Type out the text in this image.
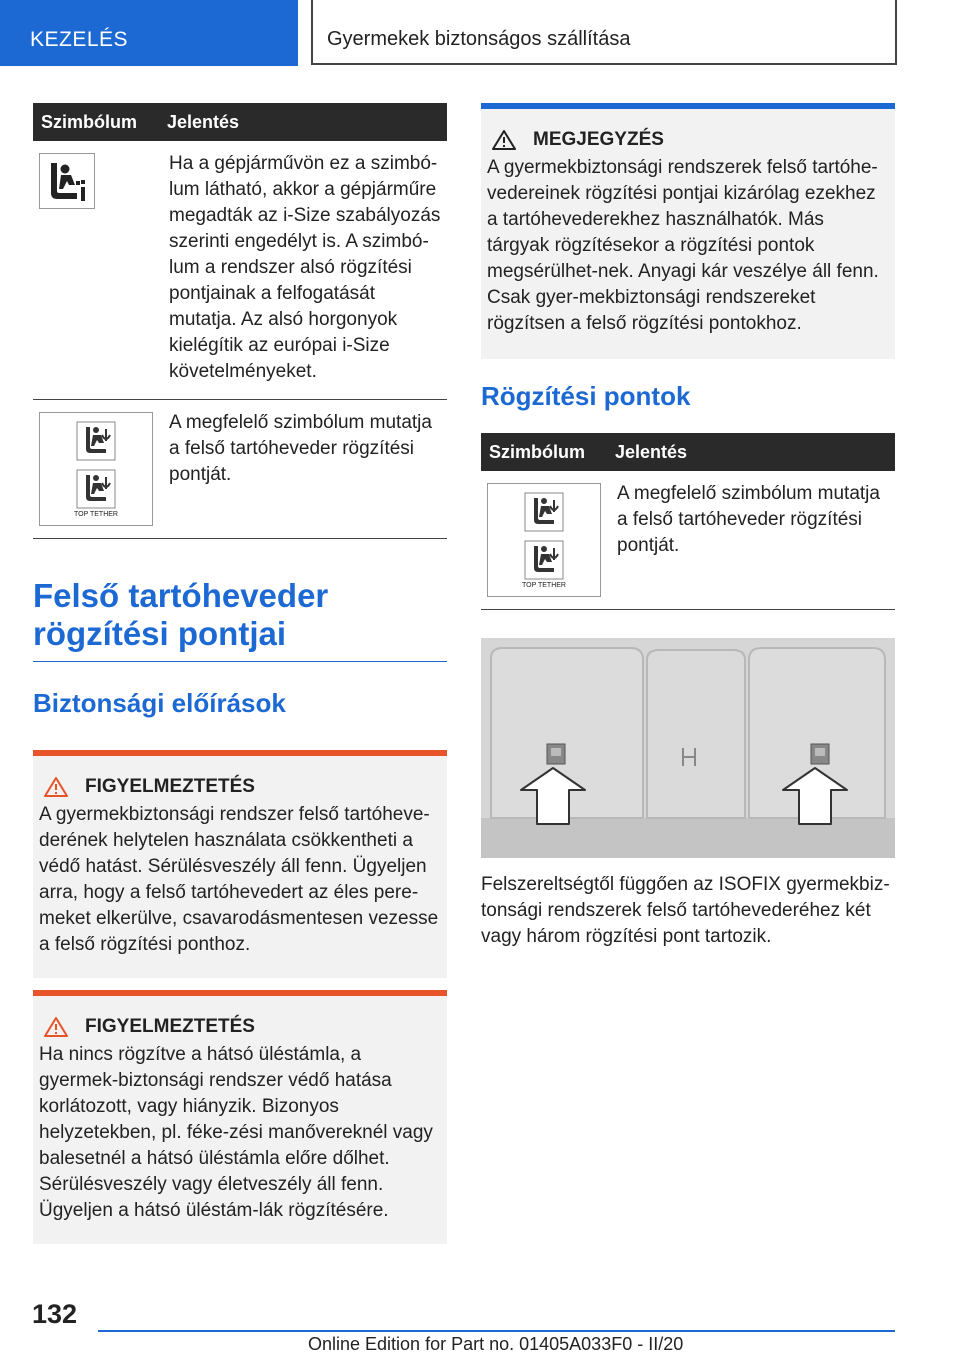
KEZELÉS	Gyermekek biztonságos szállítása
Szimbólum	Jelentés

	Ha a gépjárművön ez a szimbó-lum látható, akkor a gépjárműre megadták az i-Size szabályozás szerinti engedélyt is. A szimbó-lum a rendszer alsó rögzítési pontjainak a felfogatását mutatja. Az alsó horgonyok kielégítik az európai i-Size követelményeket.

TOP TETHER	A megfelelő szimbólum mutatja a felső tartóheveder rögzítési pontját.
Felső tartóheveder rögzítési pontjai
Biztonsági előírások
FIGYELMEZTETÉS
A gyermekbiztonsági rendszer felső tartóheve-derének helytelen használata csökkentheti a védő hatást. Sérülésveszély áll fenn. Ügyeljen arra, hogy a felső tartóhevedert az éles pere-meket elkerülve, csavarodásmentesen vezesse a felső rögzítési ponthoz.
FIGYELMEZTETÉS
Ha nincs rögzítve a hátsó üléstámla, a gyermek-biztonsági rendszer védő hatása korlátozott, vagy hiányzik. Bizonyos helyzetekben, pl. féke-zési manővereknél vagy balesetnél a hátsó üléstámla előre dőlhet. Sérülésveszély vagy életveszély áll fenn. Ügyeljen a hátsó üléstám-lák rögzítésére.
MEGJEGYZÉS
A gyermekbiztonsági rendszerek felső tartóhe-vedereinek rögzítési pontjai kizárólag ezekhez a tartóhevederekhez használhatók. Más tárgyak rögzítésekor a rögzítési pontok megsérülhet-nek. Anyagi kár veszélye áll fenn. Csak gyer-mekbiztonsági rendszereket rögzítsen a felső rögzítési pontokhoz.
Rögzítési pontok
Szimbólum	Jelentés

TOP TETHER	A megfelelő szimbólum mutatja a felső tartóheveder rögzítési pontját.
Felszereltségtől függően az ISOFIX gyermekbiz-tonsági rendszerek felső tartóhevederéhez két vagy három rögzítési pont tartozik.
132
Online Edition for Part no. 01405A033F0 - II/20
